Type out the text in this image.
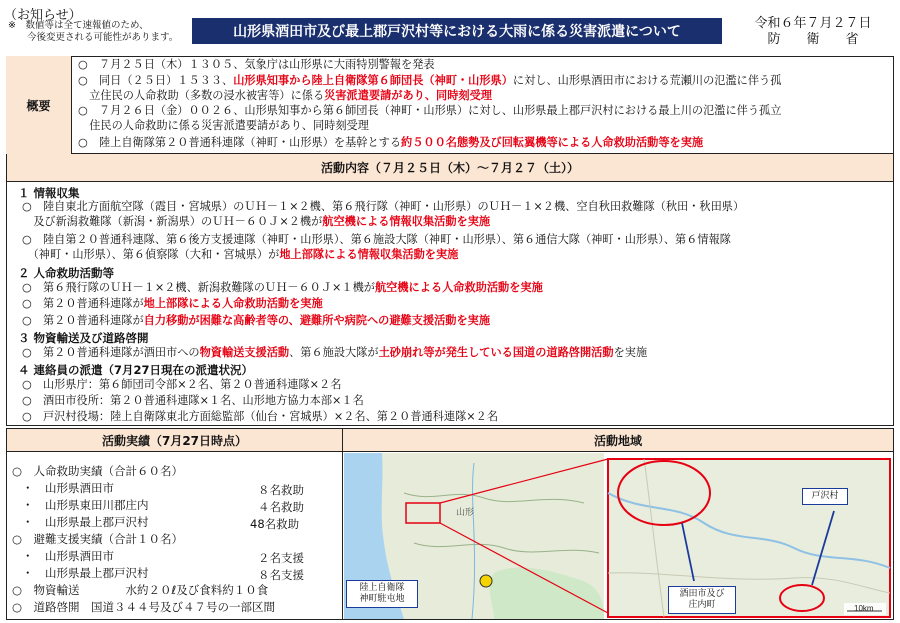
（お知らせ）
※　数値等は全て速報値のため、
　　今後変更される可能性があります。	山形県酒田市及び最上郡戸沢村等における大雨に係る災害派遣について
令和６年７月２７日
防　　衛　　省
概要
○　７月２５日（木）１３０５、気象庁は山形県に大雨特別警報を発表
○　同日（２５日）１５３３、山形県知事から陸上自衛隊第６師団長（神町・山形県）に対し、山形県酒田市における荒瀬川の氾濫に伴う孤
　立住民の人命救助（多数の浸水被害等）に係る災害派遣要請があり、同時刻受理
○　７月２６日（金）００２６、山形県知事から第６師団長（神町・山形県）に対し、山形県最上郡戸沢村における最上川の氾濫に伴う孤立
　住民の人命救助に係る災害派遣要請があり、同時刻受理
○　陸上自衛隊第２０普通科連隊（神町・山形県）を基幹とする約５００名態勢及び回転翼機等による人命救助活動等を実施
活動内容（７月２５日（木）～７月２７（土））
１ 情報収集
○　陸自東北方面航空隊（霞目・宮城県）のＵＨ－１×２機、第６飛行隊（神町・山形県）のＵＨ－１×２機、空自秋田救難隊（秋田・秋田県）
　及び新潟救難隊（新潟・新潟県）のＵＨ－６０Ｊ×２機が航空機による情報収集活動を実施
○　陸自第２０普通科連隊、第６後方支援連隊（神町・山形県）、第６施設大隊（神町・山形県）、第６通信大隊（神町・山形県）、第６情報隊
　（神町・山形県）、第６偵察隊（大和・宮城県）が地上部隊による情報収集活動を実施
２ 人命救助活動等
○　第６飛行隊のＵＨ－１×２機、新潟救難隊のＵＨ－６０Ｊ×１機が航空機による人命救助活動を実施
○　第２０普通科連隊が地上部隊による人命救助活動を実施
○　第２０普通科連隊が自力移動が困難な高齢者等の、避難所や病院への避難支援活動を実施
３ 物資輸送及び道路啓開
○　第２０普通科連隊が酒田市への物資輸送支援活動、第６施設大隊が土砂崩れ等が発生している国道の道路啓開活動を実施
４ 連絡員の派遣（7月27日現在の派遣状況）
○　山形県庁：第６師団司令部×２名、第２０普通科連隊×２名
○　酒田市役所：第２０普通科連隊×１名、山形地方協力本部×１名
○　戸沢村役場：陸上自衛隊東北方面総監部（仙台・宮城県）×２名、第２０普通科連隊×２名
活動実績（7月27日時点）
○　人命救助実績（合計６０名）
・　山形県酒田市	８名救助
・　山形県東田川郡庄内	４名救助
・　山形県最上郡戸沢村	48名救助
○　避難支援実績（合計１０名）
・　山形県酒田市	２名支援
・　山形県最上郡戸沢村	８名支援
○　物資輸送　　　　水約２０ℓ及び食料約１０食
○　道路啓開　国道３４４号及び４７号の一部区間
活動地域
山形
10km
陸上自衛隊
神町駐屯地
戸沢村
酒田市及び
庄内町
